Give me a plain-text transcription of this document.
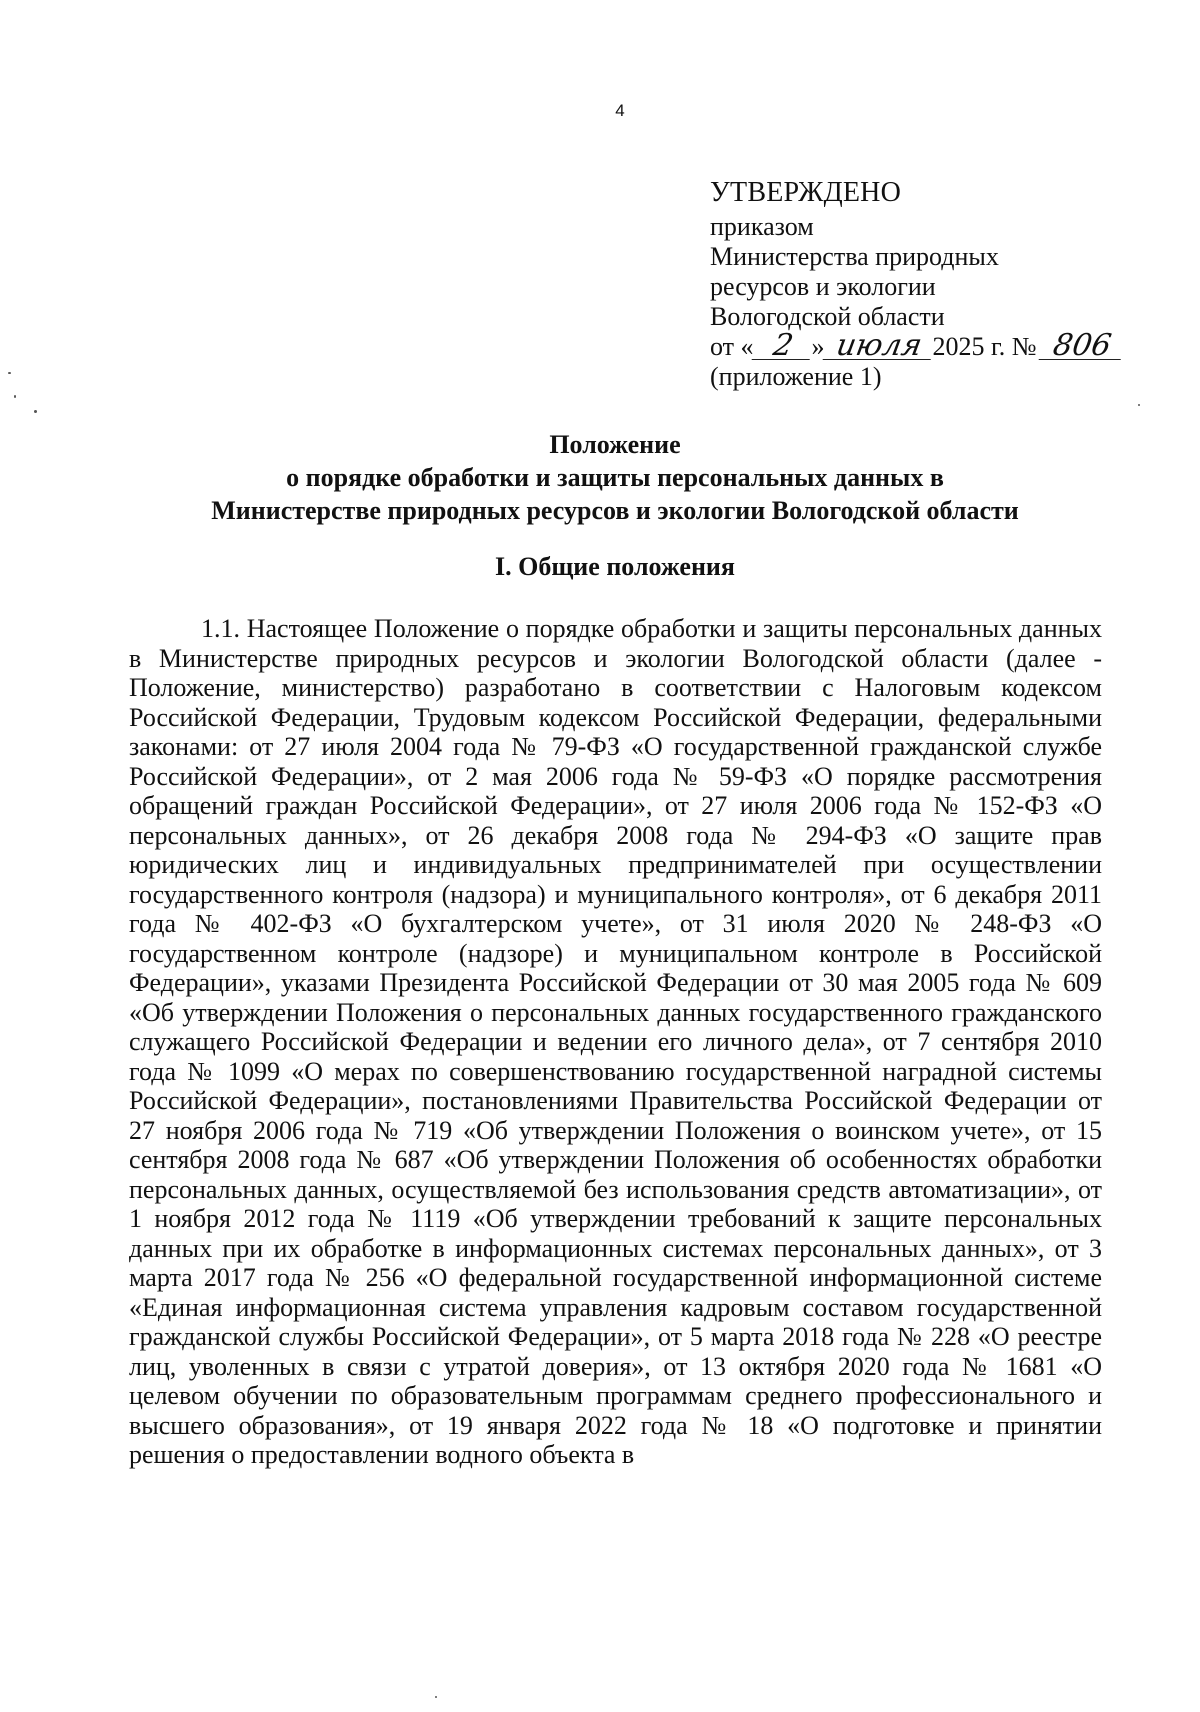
4
УТВЕРЖДЕНО
приказом
Министерства природных
ресурсов и экологии
Вологодской области
от « 2 » июля 2025 г. № 806
(приложение 1)
Положение
о порядке обработки и защиты персональных данных в
Министерстве природных ресурсов и экологии Вологодской области
I. Общие положения
1.1. Настоящее Положение о порядке обработки и защиты персональных данных в Министерстве природных ресурсов и экологии Вологодской области (далее - Положение, министерство) разработано в соответствии с Налоговым кодексом Российской Федерации, Трудовым кодексом Российской Федерации, федеральными законами: от 27 июля 2004 года № 79-ФЗ «О государственной гражданской службе Российской Федерации», от 2 мая 2006 года № 59-ФЗ «О порядке рассмотрения обращений граждан Российской Федерации», от 27 июля 2006 года № 152-ФЗ «О персональных данных», от 26 декабря 2008 года № 294-ФЗ «О защите прав юридических лиц и индивидуальных предпринимателей при осуществлении государственного контроля (надзора) и муниципального контроля», от 6 декабря 2011 года № 402-ФЗ «О бухгалтерском учете», от 31 июля 2020 № 248-ФЗ «О государственном контроле (надзоре) и муниципальном контроле в Российской Федерации», указами Президента Российской Федерации от 30 мая 2005 года № 609 «Об утверждении Положения о персональных данных государственного гражданского служащего Российской Федерации и ведении его личного дела», от 7 сентября 2010 года № 1099 «О мерах по совершенствованию государственной наградной системы Российской Федерации», постановлениями Правительства Российской Федерации от 27 ноября 2006 года № 719 «Об утверждении Положения о воинском учете», от 15 сентября 2008 года № 687 «Об утверждении Положения об особенностях обработки персональных данных, осуществляемой без использования средств автоматизации», от 1 ноября 2012 года № 1119 «Об утверждении требований к защите персональных данных при их обработке в информационных системах персональных данных», от 3 марта 2017 года № 256 «О федеральной государственной информационной системе «Единая информационная система управления кадровым составом государственной гражданской службы Российской Федерации», от 5 марта 2018 года № 228 «О реестре лиц, уволенных в связи с утратой доверия», от 13 октября 2020 года № 1681 «О целевом обучении по образовательным программам среднего профессионального и высшего образования», от 19 января 2022 года № 18 «О подготовке и принятии решения о предоставлении водного объекта в
